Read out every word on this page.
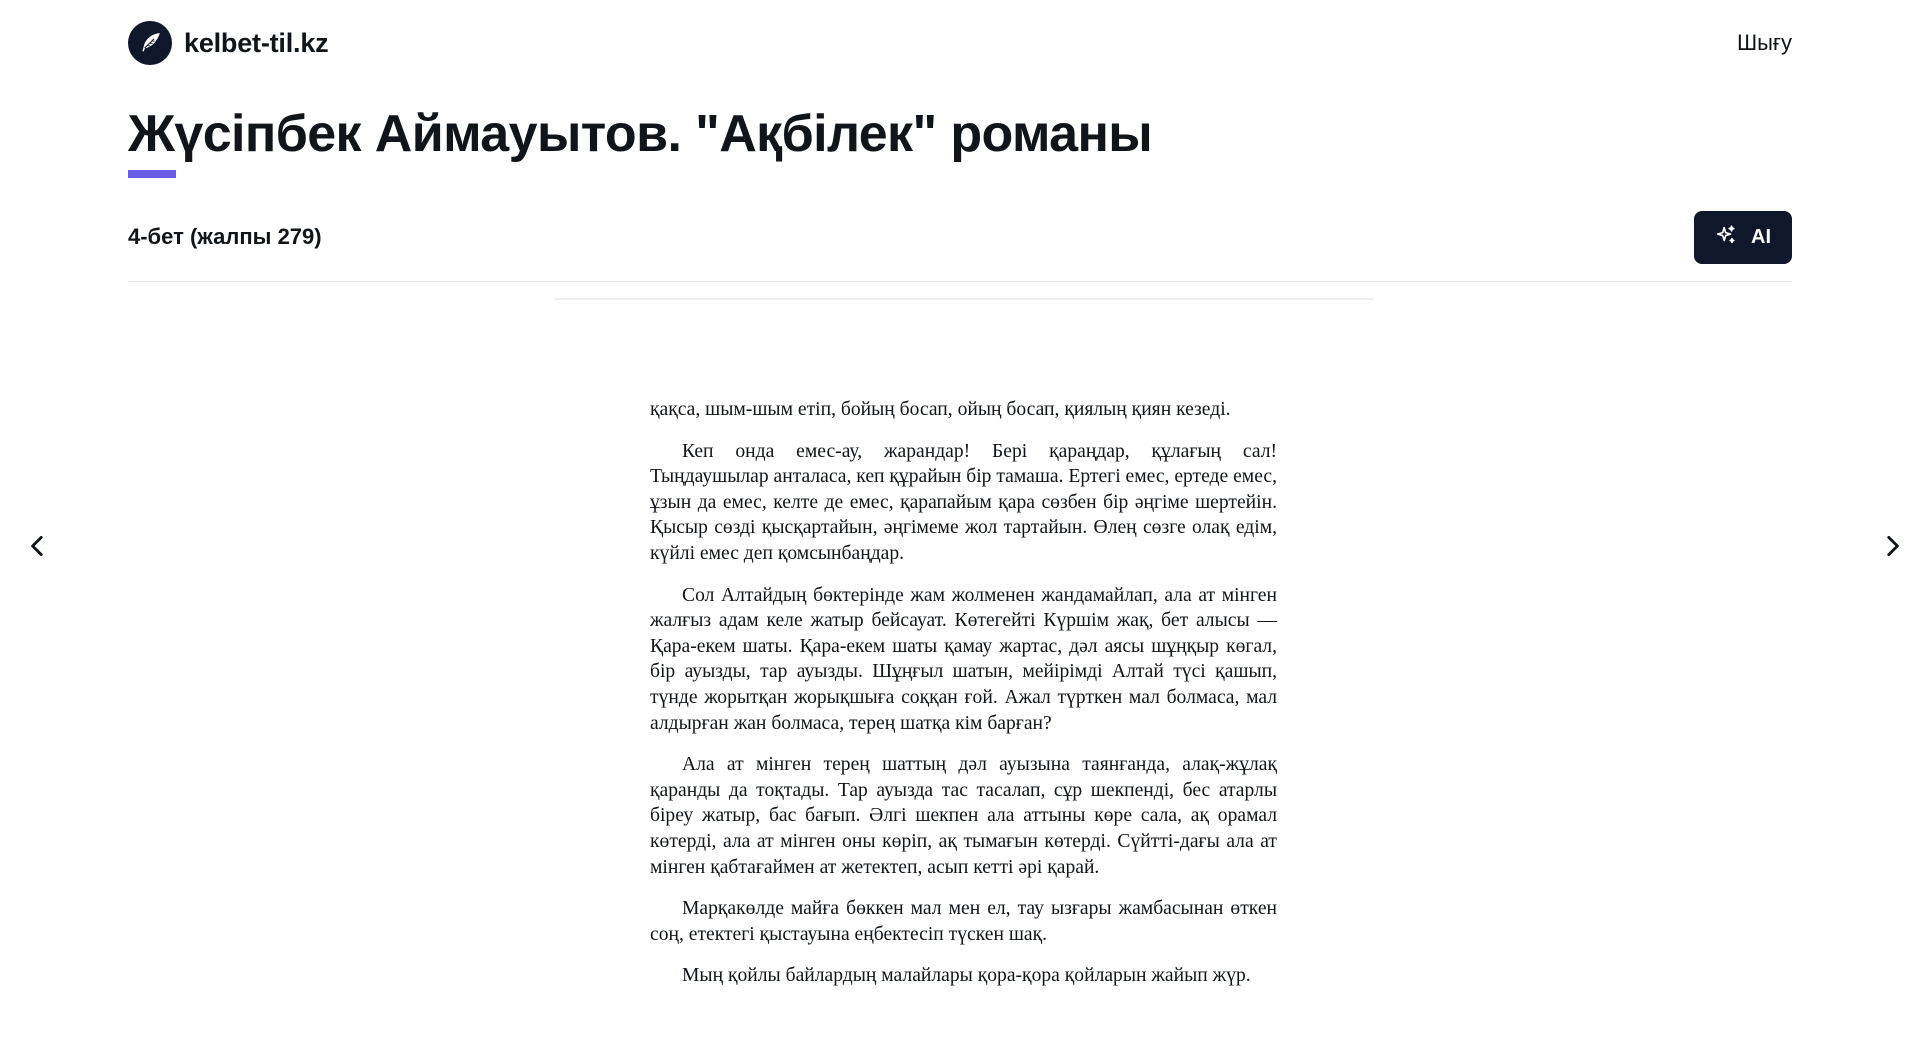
kelbet-til.kz	Шығу
Жүсіпбек Аймауытов. "Ақбілек" романы
4-бет (жалпы 279)	AI

қақса, шым-шым етіп, бойың босап, ойың босап, қиялың қиян кезеді.

Кеп онда емес-ау, жарандар! Бері қараңдар, құлағың сал! Тыңдаушылар анталаса, кеп құрайын бір тамаша. Ертегі емес, ертеде емес, ұзын да емес, келте де емес, қарапайым қара сөзбен бір әңгіме шертейін. Қысыр сөзді қысқартайын, әңгімеме жол тартайын. Өлең сөзге олақ едім, күйлі емес деп қомсынбаңдар.

Сол Алтайдың бөктерінде жам жолменен жандамайлап, ала ат мінген жалғыз адам келе жатыр бейсауат. Көтегейті Күршім жақ, бет алысы — Қара-екем шаты. Қара-екем шаты қамау жартас, дәл аясы шұңқыр көгал, бір ауызды, тар ауызды. Шұңғыл шатын, мейірімді Алтай түсі қашып, түнде жорытқан жорықшыға соққан ғой. Ажал түрткен мал болмаса, мал алдырған жан болмаса, терең шатқа кім барған?

Ала ат мінген терең шаттың дәл ауызына таянғанда, алақ-жұлақ қаранды да тоқтады. Тар ауызда тас тасалап, сұр шекпенді, бес атарлы біреу жатыр, бас бағып. Әлгі шекпен ала аттыны көре сала, ақ орамал көтерді, ала ат мінген оны көріп, ақ тымағын көтерді. Сүйтті-дағы ала ат мінген қабтағаймен ат жетектеп, асып кетті әрі қарай.

Марқакөлде майға бөккен мал мен ел, тау ызғары жамбасынан өткен соң, етектегі қыстауына еңбектесіп түскен шақ.

Мың қойлы байлардың малайлары қора-қора қойларын жайып жүр.
